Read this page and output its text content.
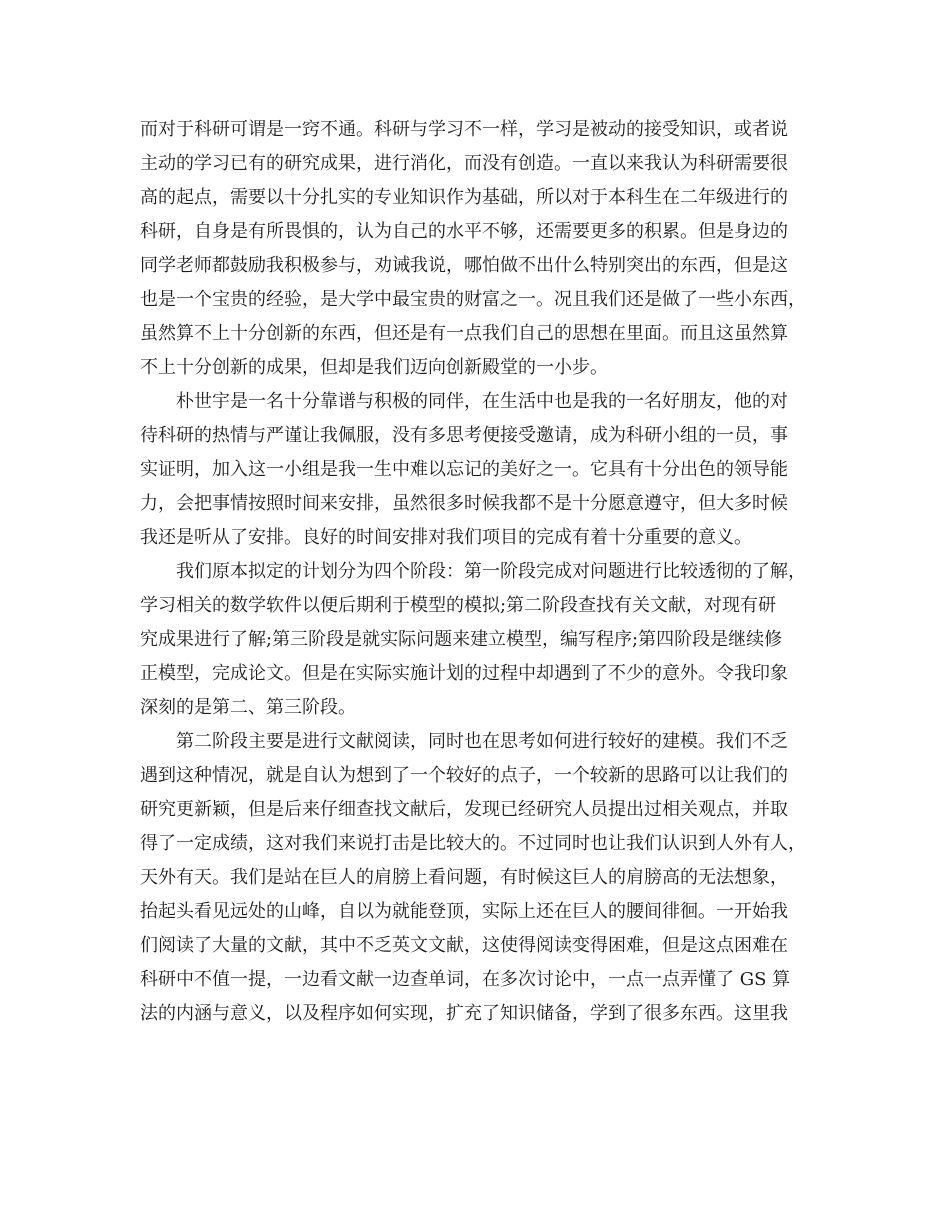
而对于科研可谓是一窍不通。科研与学习不一样，学习是被动的接受知识，或者说
主动的学习已有的研究成果，进行消化，而没有创造。一直以来我认为科研需要很
高的起点，需要以十分扎实的专业知识作为基础，所以对于本科生在二年级进行的
科研，自身是有所畏惧的，认为自己的水平不够，还需要更多的积累。但是身边的
同学老师都鼓励我积极参与，劝诫我说，哪怕做不出什么特别突出的东西，但是这
也是一个宝贵的经验，是大学中最宝贵的财富之一。况且我们还是做了一些小东西，
虽然算不上十分创新的东西，但还是有一点我们自己的思想在里面。而且这虽然算
不上十分创新的成果，但却是我们迈向创新殿堂的一小步。
朴世宇是一名十分靠谱与积极的同伴，在生活中也是我的一名好朋友，他的对
待科研的热情与严谨让我佩服，没有多思考便接受邀请，成为科研小组的一员，事
实证明，加入这一小组是我一生中难以忘记的美好之一。它具有十分出色的领导能
力，会把事情按照时间来安排，虽然很多时候我都不是十分愿意遵守，但大多时候
我还是听从了安排。良好的时间安排对我们项目的完成有着十分重要的意义。
我们原本拟定的计划分为四个阶段：第一阶段完成对问题进行比较透彻的了解，
学习相关的数学软件以便后期利于模型的模拟;第二阶段查找有关文献，对现有研
究成果进行了解;第三阶段是就实际问题来建立模型，编写程序;第四阶段是继续修
正模型，完成论文。但是在实际实施计划的过程中却遇到了不少的意外。令我印象
深刻的是第二、第三阶段。
第二阶段主要是进行文献阅读，同时也在思考如何进行较好的建模。我们不乏
遇到这种情况，就是自认为想到了一个较好的点子，一个较新的思路可以让我们的
研究更新颖，但是后来仔细查找文献后，发现已经研究人员提出过相关观点，并取
得了一定成绩，这对我们来说打击是比较大的。不过同时也让我们认识到人外有人，
天外有天。我们是站在巨人的肩膀上看问题，有时候这巨人的肩膀高的无法想象，
抬起头看见远处的山峰，自以为就能登顶，实际上还在巨人的腰间徘徊。一开始我
们阅读了大量的文献，其中不乏英文文献，这使得阅读变得困难，但是这点困难在
科研中不值一提，一边看文献一边查单词，在多次讨论中，一点一点弄懂了 GS 算
法的内涵与意义，以及程序如何实现，扩充了知识储备，学到了很多东西。这里我
